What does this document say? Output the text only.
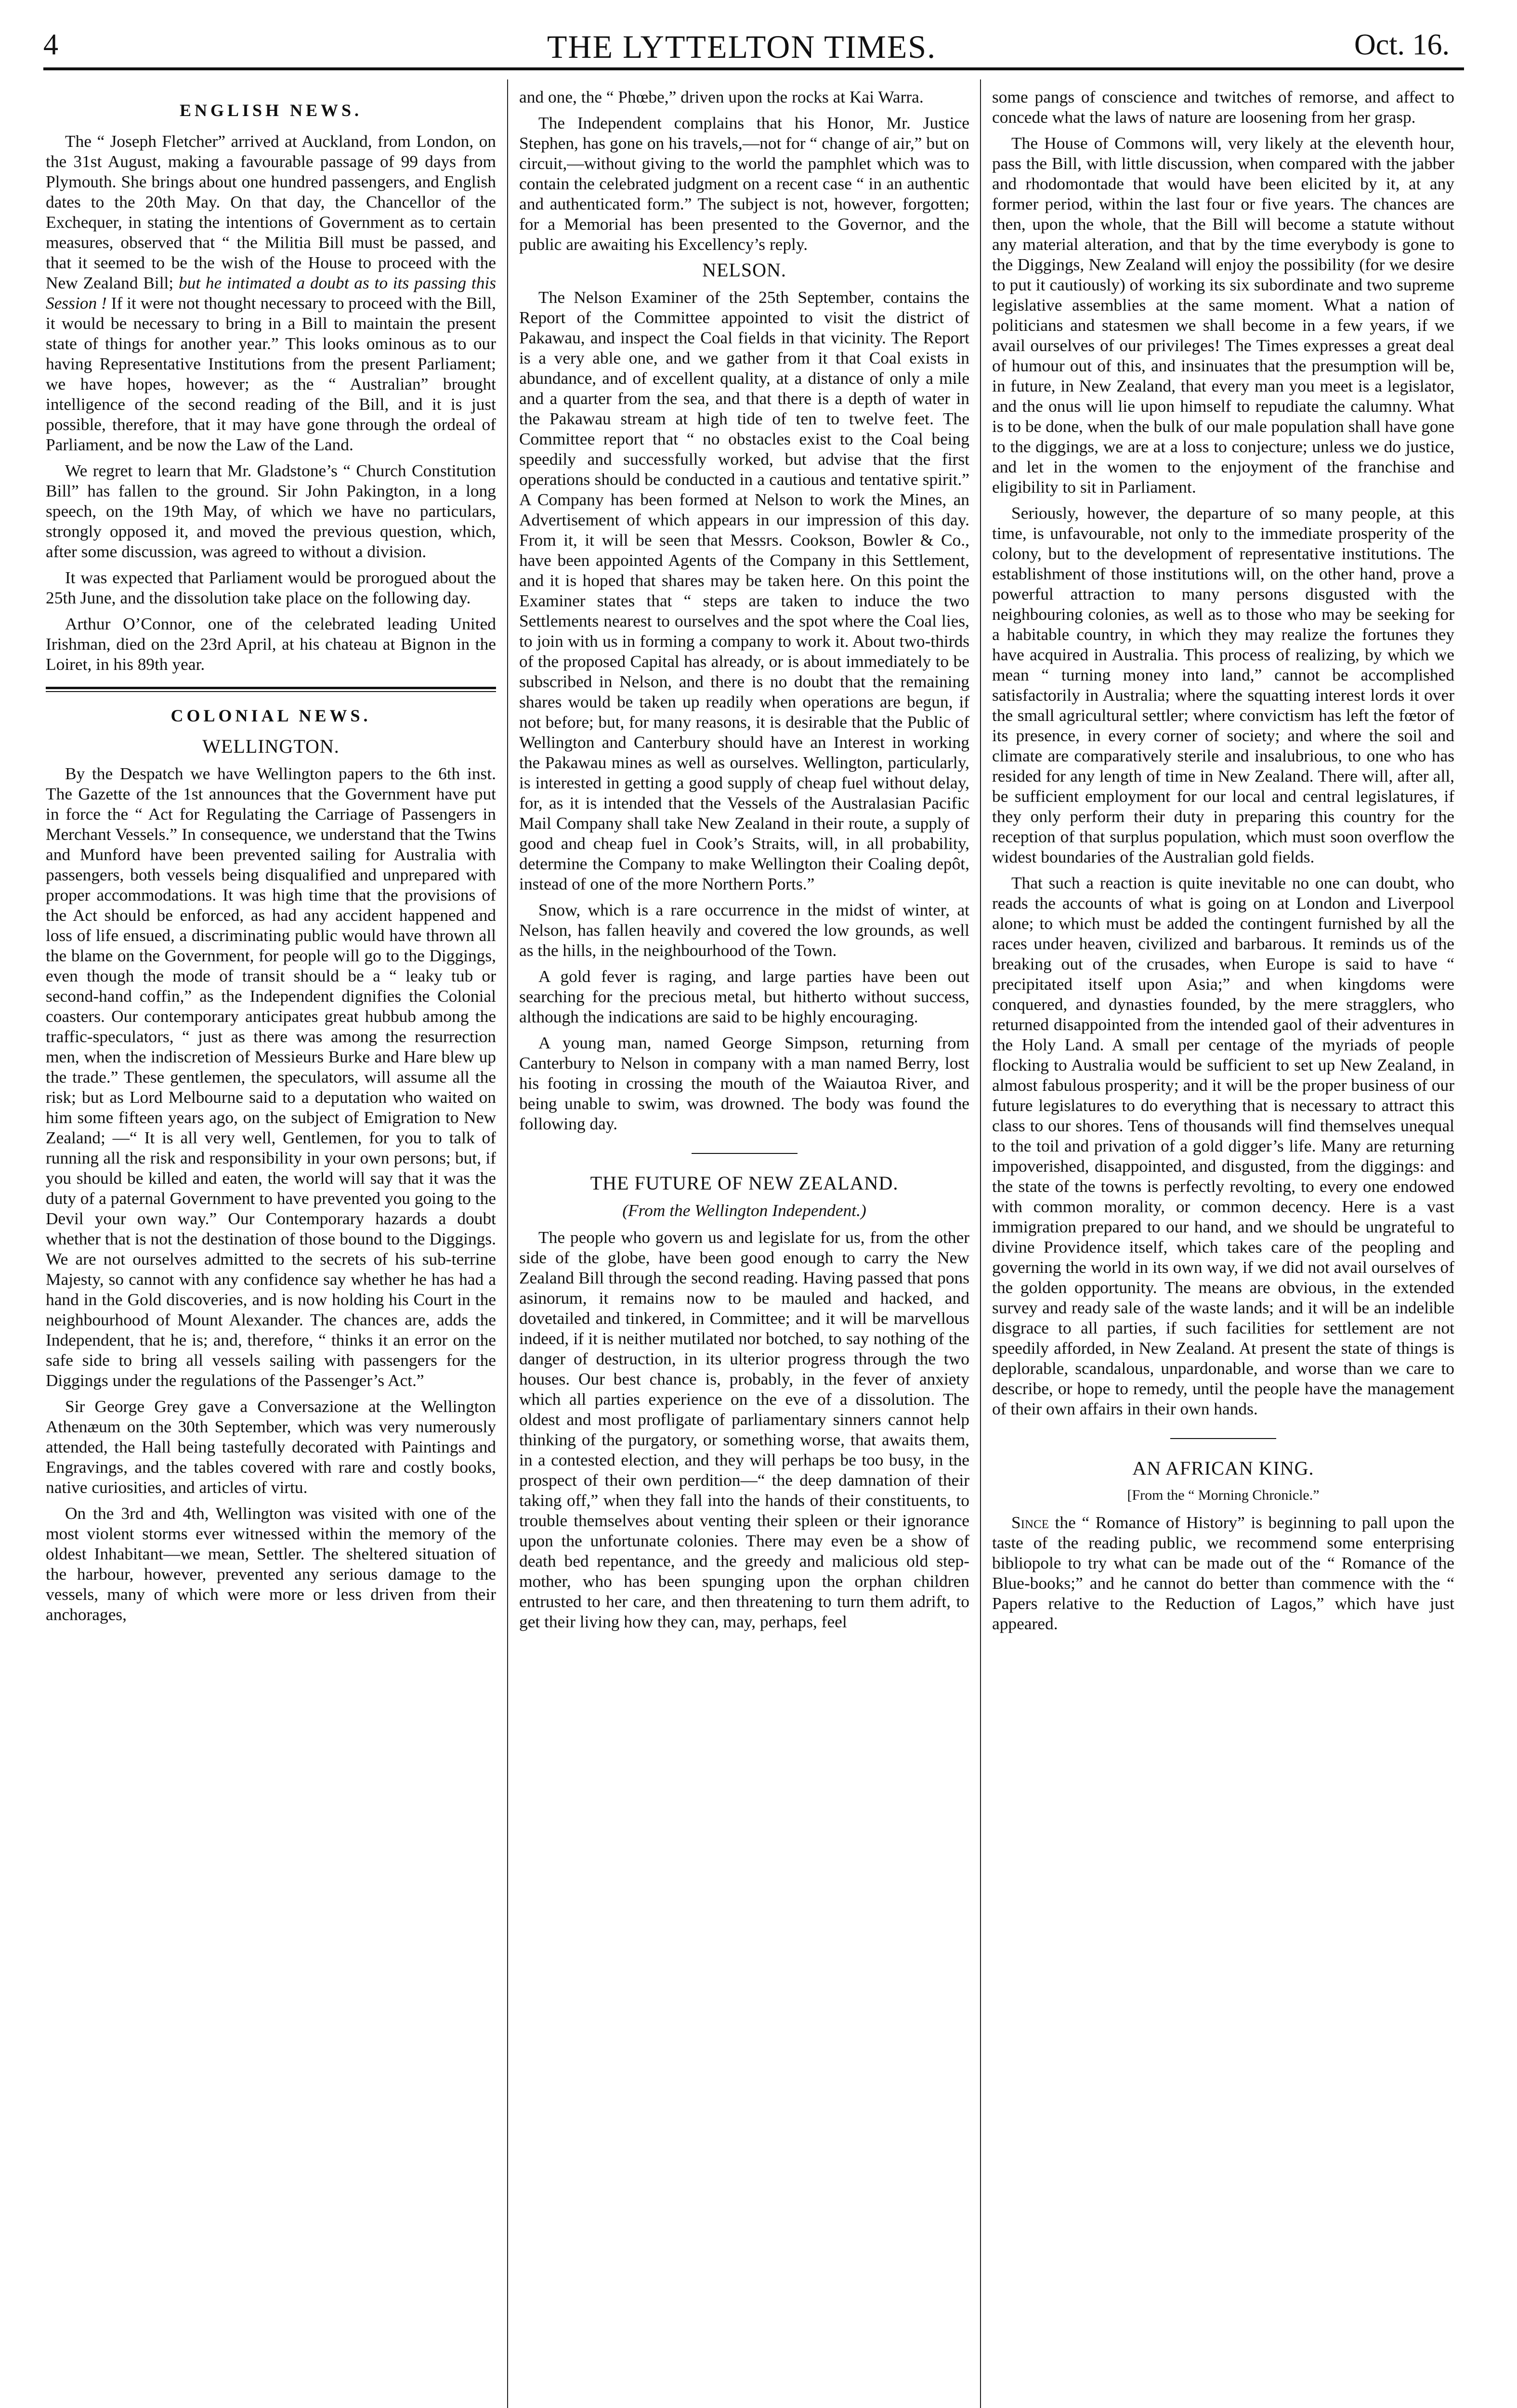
4	THE LYTTELTON TIMES.	Oct. 16.
ENGLISH NEWS.

The “ Joseph Fletcher” arrived at Auckland, from London, on the 31st August, making a favourable passage of 99 days from Plymouth. She brings about one hundred passengers, and English dates to the 20th May. On that day, the Chancellor of the Exchequer, in stating the intentions of Government as to certain measures, observed that “ the Militia Bill must be passed, and that it seemed to be the wish of the House to proceed with the New Zealand Bill; but he intimated a doubt as to its passing this Session ! If it were not thought necessary to proceed with the Bill, it would be necessary to bring in a Bill to maintain the present state of things for another year.” This looks ominous as to our having Representative Institutions from the present Parliament; we have hopes, however; as the “ Australian” brought intelligence of the second reading of the Bill, and it is just possible, therefore, that it may have gone through the ordeal of Parliament, and be now the Law of the Land.

We regret to learn that Mr. Gladstone’s “ Church Constitution Bill” has fallen to the ground. Sir John Pakington, in a long speech, on the 19th May, of which we have no particulars, strongly opposed it, and moved the previous question, which, after some discussion, was agreed to without a division.

It was expected that Parliament would be prorogued about the 25th June, and the dissolution take place on the following day.

Arthur O’Connor, one of the celebrated leading United Irishman, died on the 23rd April, at his chateau at Bignon in the Loiret, in his 89th year.

COLONIAL NEWS.
WELLINGTON.

By the Despatch we have Wellington papers to the 6th inst. The Gazette of the 1st announces that the Government have put in force the “ Act for Regulating the Carriage of Passengers in Merchant Vessels.” In consequence, we understand that the Twins and Munford have been prevented sailing for Australia with passengers, both vessels being disqualified and unprepared with proper accommodations. It was high time that the provisions of the Act should be enforced, as had any accident happened and loss of life ensued, a discriminating public would have thrown all the blame on the Government, for people will go to the Diggings, even though the mode of transit should be a “ leaky tub or second-hand coffin,” as the Independent dignifies the Colonial coasters. Our contemporary anticipates great hubbub among the traffic-speculators, “ just as there was among the resurrection men, when the indiscretion of Messieurs Burke and Hare blew up the trade.” These gentlemen, the speculators, will assume all the risk; but as Lord Melbourne said to a deputation who waited on him some fifteen years ago, on the subject of Emigration to New Zealand; —“ It is all very well, Gentlemen, for you to talk of running all the risk and responsibility in your own persons; but, if you should be killed and eaten, the world will say that it was the duty of a paternal Government to have prevented you going to the Devil your own way.” Our Contemporary hazards a doubt whether that is not the destination of those bound to the Diggings. We are not ourselves admitted to the secrets of his sub-terrine Majesty, so cannot with any confidence say whether he has had a hand in the Gold discoveries, and is now holding his Court in the neighbourhood of Mount Alexander. The chances are, adds the Independent, that he is; and, therefore, “ thinks it an error on the safe side to bring all vessels sailing with passengers for the Diggings under the regulations of the Passenger’s Act.”

Sir George Grey gave a Conversazione at the Wellington Athenæum on the 30th September, which was very numerously attended, the Hall being tastefully decorated with Paintings and Engravings, and the tables covered with rare and costly books, native curiosities, and articles of virtu.

On the 3rd and 4th, Wellington was visited with one of the most violent storms ever witnessed within the memory of the oldest Inhabitant—we mean, Settler. The sheltered situation of the harbour, however, prevented any serious damage to the vessels, many of which were more or less driven from their anchorages,

and one, the “ Phœbe,” driven upon the rocks at Kai Warra.

The Independent complains that his Honor, Mr. Justice Stephen, has gone on his travels,—not for “ change of air,” but on circuit,—without giving to the world the pamphlet which was to contain the celebrated judgment on a recent case “ in an authentic and authenticated form.” The subject is not, however, forgotten; for a Memorial has been presented to the Governor, and the public are awaiting his Excellency’s reply.

NELSON.

The Nelson Examiner of the 25th September, contains the Report of the Committee appointed to visit the district of Pakawau, and inspect the Coal fields in that vicinity. The Report is a very able one, and we gather from it that Coal exists in abundance, and of excellent quality, at a distance of only a mile and a quarter from the sea, and that there is a depth of water in the Pakawau stream at high tide of ten to twelve feet. The Committee report that “ no obstacles exist to the Coal being speedily and successfully worked, but advise that the first operations should be conducted in a cautious and tentative spirit.” A Company has been formed at Nelson to work the Mines, an Advertisement of which appears in our impression of this day. From it, it will be seen that Messrs. Cookson, Bowler & Co., have been appointed Agents of the Company in this Settlement, and it is hoped that shares may be taken here. On this point the Examiner states that “ steps are taken to induce the two Settlements nearest to ourselves and the spot where the Coal lies, to join with us in forming a company to work it. About two-thirds of the proposed Capital has already, or is about immediately to be subscribed in Nelson, and there is no doubt that the remaining shares would be taken up readily when operations are begun, if not before; but, for many reasons, it is desirable that the Public of Wellington and Canterbury should have an Interest in working the Pakawau mines as well as ourselves. Wellington, particularly, is interested in getting a good supply of cheap fuel without delay, for, as it is intended that the Vessels of the Australasian Pacific Mail Company shall take New Zealand in their route, a supply of good and cheap fuel in Cook’s Straits, will, in all probability, determine the Company to make Wellington their Coaling depôt, instead of one of the more Northern Ports.”

Snow, which is a rare occurrence in the midst of winter, at Nelson, has fallen heavily and covered the low grounds, as well as the hills, in the neighbourhood of the Town.

A gold fever is raging, and large parties have been out searching for the precious metal, but hitherto without success, although the indications are said to be highly encouraging.

A young man, named George Simpson, returning from Canterbury to Nelson in company with a man named Berry, lost his footing in crossing the mouth of the Waiautoa River, and being unable to swim, was drowned. The body was found the following day.

THE FUTURE OF NEW ZEALAND.
(From the Wellington Independent.)

The people who govern us and legislate for us, from the other side of the globe, have been good enough to carry the New Zealand Bill through the second reading. Having passed that pons asinorum, it remains now to be mauled and hacked, and dovetailed and tinkered, in Committee; and it will be marvellous indeed, if it is neither mutilated nor botched, to say nothing of the danger of destruction, in its ulterior progress through the two houses. Our best chance is, probably, in the fever of anxiety which all parties experience on the eve of a dissolution. The oldest and most profligate of parliamentary sinners cannot help thinking of the purgatory, or something worse, that awaits them, in a contested election, and they will perhaps be too busy, in the prospect of their own perdition—“ the deep damnation of their taking off,” when they fall into the hands of their constituents, to trouble themselves about venting their spleen or their ignorance upon the unfortunate colonies. There may even be a show of death bed repentance, and the greedy and malicious old step-mother, who has been spunging upon the orphan children entrusted to her care, and then threatening to turn them adrift, to get their living how they can, may, perhaps, feel

some pangs of conscience and twitches of remorse, and affect to concede what the laws of nature are loosening from her grasp.

The House of Commons will, very likely at the eleventh hour, pass the Bill, with little discussion, when compared with the jabber and rhodomontade that would have been elicited by it, at any former period, within the last four or five years. The chances are then, upon the whole, that the Bill will become a statute without any material alteration, and that by the time everybody is gone to the Diggings, New Zealand will enjoy the possibility (for we desire to put it cautiously) of working its six subordinate and two supreme legislative assemblies at the same moment. What a nation of politicians and statesmen we shall become in a few years, if we avail ourselves of our privileges! The Times expresses a great deal of humour out of this, and insinuates that the presumption will be, in future, in New Zealand, that every man you meet is a legislator, and the onus will lie upon himself to repudiate the calumny. What is to be done, when the bulk of our male population shall have gone to the diggings, we are at a loss to conjecture; unless we do justice, and let in the women to the enjoyment of the franchise and eligibility to sit in Parliament.

Seriously, however, the departure of so many people, at this time, is unfavourable, not only to the immediate prosperity of the colony, but to the development of representative institutions. The establishment of those institutions will, on the other hand, prove a powerful attraction to many persons disgusted with the neighbouring colonies, as well as to those who may be seeking for a habitable country, in which they may realize the fortunes they have acquired in Australia. This process of realizing, by which we mean “ turning money into land,” cannot be accomplished satisfactorily in Australia; where the squatting interest lords it over the small agricultural settler; where convictism has left the fœtor of its presence, in every corner of society; and where the soil and climate are comparatively sterile and insalubrious, to one who has resided for any length of time in New Zealand. There will, after all, be sufficient employment for our local and central legislatures, if they only perform their duty in preparing this country for the reception of that surplus population, which must soon overflow the widest boundaries of the Australian gold fields.

That such a reaction is quite inevitable no one can doubt, who reads the accounts of what is going on at London and Liverpool alone; to which must be added the contingent furnished by all the races under heaven, civilized and barbarous. It reminds us of the breaking out of the crusades, when Europe is said to have “ precipitated itself upon Asia;” and when kingdoms were conquered, and dynasties founded, by the mere stragglers, who returned disappointed from the intended gaol of their adventures in the Holy Land. A small per centage of the myriads of people flocking to Australia would be sufficient to set up New Zealand, in almost fabulous prosperity; and it will be the proper business of our future legislatures to do everything that is necessary to attract this class to our shores. Tens of thousands will find themselves unequal to the toil and privation of a gold digger’s life. Many are returning impoverished, disappointed, and disgusted, from the diggings: and the state of the towns is perfectly revolting, to every one endowed with common morality, or common decency. Here is a vast immigration prepared to our hand, and we should be ungrateful to divine Providence itself, which takes care of the peopling and governing the world in its own way, if we did not avail ourselves of the golden opportunity. The means are obvious, in the extended survey and ready sale of the waste lands; and it will be an indelible disgrace to all parties, if such facilities for settlement are not speedily afforded, in New Zealand. At present the state of things is deplorable, scandalous, unpardonable, and worse than we care to describe, or hope to remedy, until the people have the management of their own affairs in their own hands.

AN AFRICAN KING.
[From the “ Morning Chronicle.”

Since the “ Romance of History” is beginning to pall upon the taste of the reading public, we recommend some enterprising bibliopole to try what can be made out of the “ Romance of the Blue-books;” and he cannot do better than commence with the “ Papers relative to the Reduction of Lagos,” which have just appeared.
